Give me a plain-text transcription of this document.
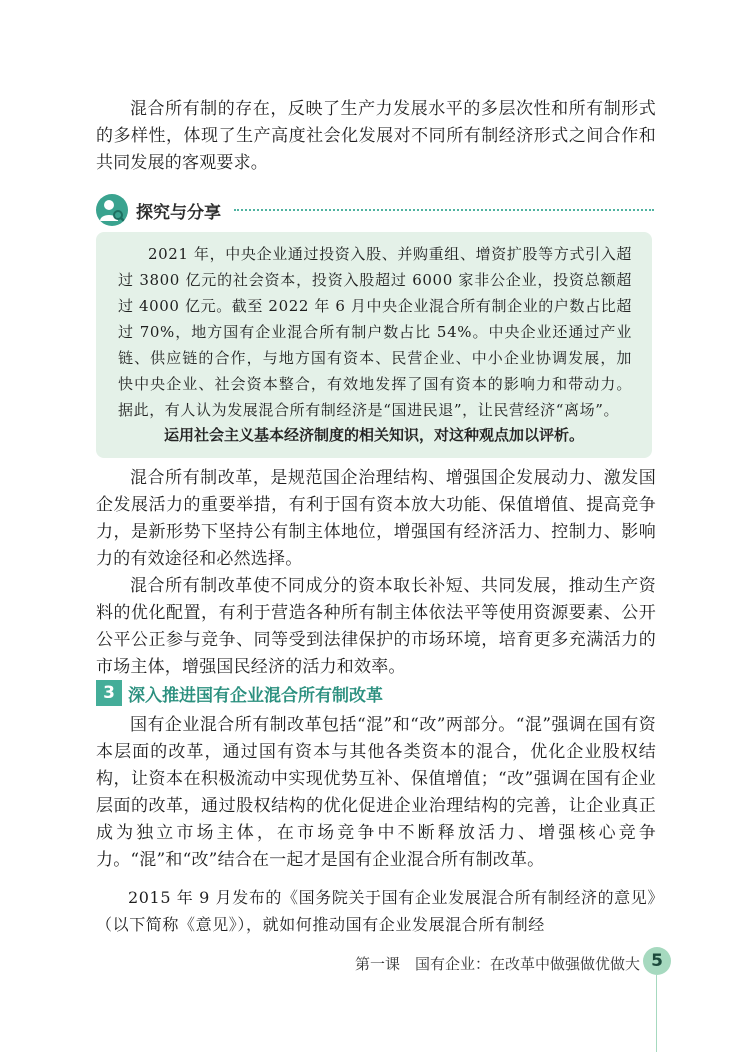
混合所有制的存在，反映了生产力发展水平的多层次性和所有制形式的多样性，体现了生产高度社会化发展对不同所有制经济形式之间合作和共同发展的客观要求。

探究与分享

2021 年，中央企业通过投资入股、并购重组、增资扩股等方式引入超过 3800 亿元的社会资本，投资入股超过 6000 家非公企业，投资总额超过 4000 亿元。截至 2022 年 6 月中央企业混合所有制企业的户数占比超过 70%，地方国有企业混合所有制户数占比 54%。中央企业还通过产业链、供应链的合作，与地方国有资本、民营企业、中小企业协调发展，加快中央企业、社会资本整合，有效地发挥了国有资本的影响力和带动力。据此，有人认为发展混合所有制经济是“国进民退”，让民营经济“离场”。

运用社会主义基本经济制度的相关知识，对这种观点加以评析。

混合所有制改革，是规范国企治理结构、增强国企发展动力、激发国企发展活力的重要举措，有利于国有资本放大功能、保值增值、提高竞争力，是新形势下坚持公有制主体地位，增强国有经济活力、控制力、影响力的有效途径和必然选择。

混合所有制改革使不同成分的资本取长补短、共同发展，推动生产资料的优化配置，有利于营造各种所有制主体依法平等使用资源要素、公开公平公正参与竞争、同等受到法律保护的市场环境，培育更多充满活力的市场主体，增强国民经济的活力和效率。

3 深入推进国有企业混合所有制改革

国有企业混合所有制改革包括“混”和“改”两部分。“混”强调在国有资本层面的改革，通过国有资本与其他各类资本的混合，优化企业股权结构，让资本在积极流动中实现优势互补、保值增值；“改”强调在国有企业层面的改革，通过股权结构的优化促进企业治理结构的完善，让企业真正成为独立市场主体，在市场竞争中不断释放活力、增强核心竞争力。“混”和“改”结合在一起才是国有企业混合所有制改革。

2015 年 9 月发布的《国务院关于国有企业发展混合所有制经济的意见》（以下简称《意见》），就如何推动国有企业发展混合所有制经

第一课　国有企业：在改革中做强做优做大 5
